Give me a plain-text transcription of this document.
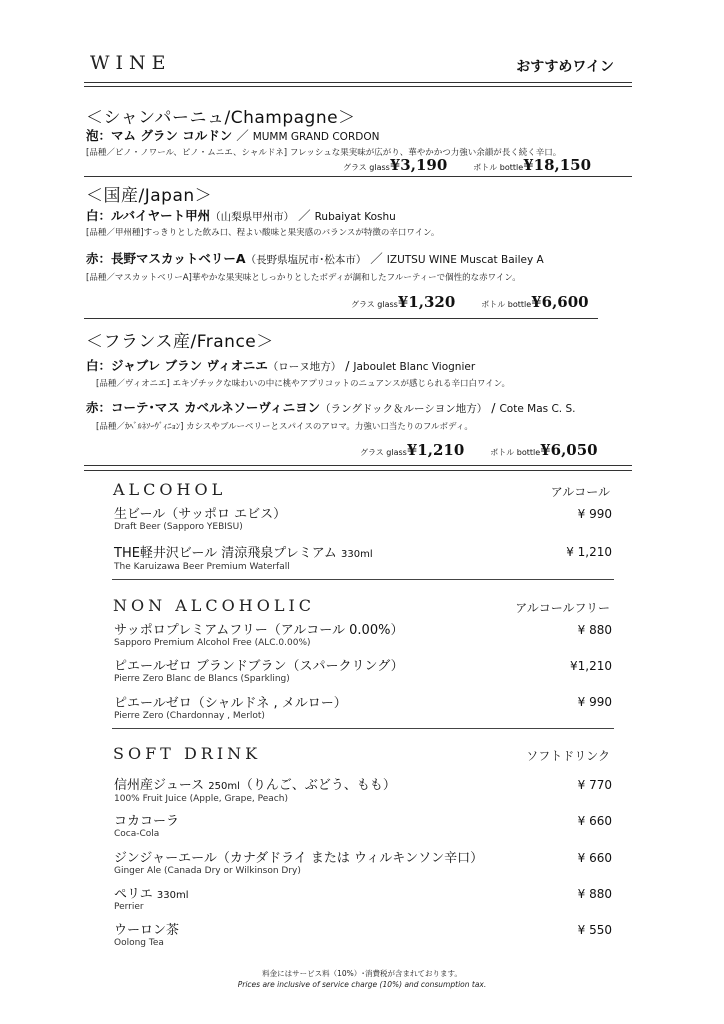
WINE	おすすめワイン
＜シャンパーニュ/Champagne＞
泡：マム グラン コルドン ／ MUMM GRAND CORDON
[品種／ピノ・ノワール、ピノ・ムニエ、シャルドネ] フレッシュな果実味が広がり、華やかかつ力強い余韻が長く続く辛口。
グラス glass¥3,190	ボトル bottle¥18,150
＜国産/Japan＞
白：ルバイヤート甲州（山梨県甲州市） ／ Rubaiyat Koshu
[品種／甲州種]すっきりとした飲み口、程よい酸味と果実感のバランスが特徴の辛口ワイン。
赤：長野マスカットベリーA（長野県塩尻市･松本市） ／ IZUTSU WINE Muscat Bailey A
[品種／マスカットベリーA]華やかな果実味としっかりとしたボディが調和したフルーティーで個性的な赤ワイン。
グラス glass¥1,320	ボトル bottle¥6,600
＜フランス産/France＞
白：ジャブレ ブラン ヴィオニエ（ローヌ地方） / Jaboulet Blanc Viognier
[品種／ヴィオニエ] エキゾチックな味わいの中に桃やアプリコットのニュアンスが感じられる辛口白ワイン。
赤：コーテ･マス カベルネソーヴィニヨン（ラングドック＆ルーシヨン地方） / Cote Mas C. S.
[品種／ｶﾍﾞﾙﾈｿｰｳﾞｨﾆｮﾝ] カシスやブルーベリーとスパイスのアロマ。力強い口当たりのフルボディ。
グラス glass¥1,210	ボトル bottle¥6,050
ALCOHOL	アルコール
生ビール（サッポロ エビス）
Draft Beer (Sapporo YEBISU)
¥ 990
THE軽井沢ビール 清涼飛泉プレミアム 330ml
The Karuizawa Beer Premium Waterfall
¥ 1,210
NON ALCOHOLIC	アルコールフリー
サッポロプレミアムフリー（アルコール 0.00%）
Sapporo Premium Alcohol Free (ALC.0.00%)
¥ 880
ピエールゼロ ブランドブラン（スパークリング）
Pierre Zero Blanc de Blancs (Sparkling)
¥1,210
ピエールゼロ（シャルドネ , メルロー）
Pierre Zero (Chardonnay , Merlot)
¥ 990
SOFT DRINK	ソフトドリンク
信州産ジュース 250ml（りんご、ぶどう、もも）
100% Fruit Juice (Apple, Grape, Peach)
¥ 770
コカコーラ
Coca-Cola
¥ 660
ジンジャーエール（カナダドライ または ウィルキンソン辛口）
Ginger Ale (Canada Dry or Wilkinson Dry)
¥ 660
ペリエ 330ml
Perrier
¥ 880
ウーロン茶
Oolong Tea
¥ 550
料金にはサービス料（10%）･消費税が含まれております。
Prices are inclusive of service charge (10%) and consumption tax.
